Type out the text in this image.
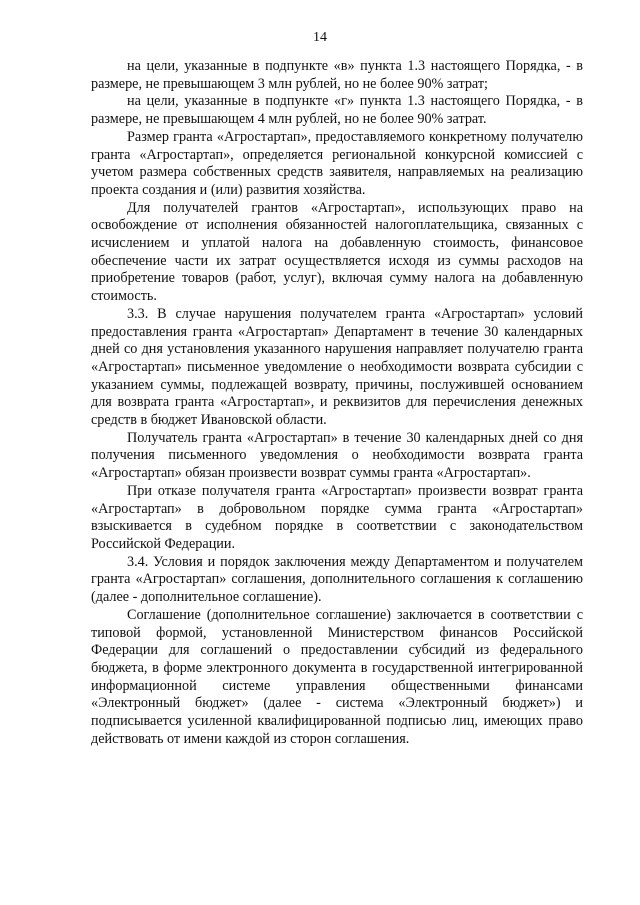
14

на цели, указанные в подпункте «в» пункта 1.3 настоящего Порядка, - в размере, не превышающем 3 млн рублей, но не более 90% затрат;

на цели, указанные в подпункте «г» пункта 1.3 настоящего Порядка, - в размере, не превышающем 4 млн рублей, но не более 90% затрат.

Размер гранта «Агростартап», предоставляемого конкретному получателю гранта «Агростартап», определяется региональной конкурсной комиссией с учетом размера собственных средств заявителя, направляемых на реализацию проекта создания и (или) развития хозяйства.

Для получателей грантов «Агростартап», использующих право на освобождение от исполнения обязанностей налогоплательщика, связанных с исчислением и уплатой налога на добавленную стоимость, финансовое обеспечение части их затрат осуществляется исходя из суммы расходов на приобретение товаров (работ, услуг), включая сумму налога на добавленную стоимость.

3.3. В случае нарушения получателем гранта «Агростартап» условий предоставления гранта «Агростартап» Департамент в течение 30 календарных дней со дня установления указанного нарушения направляет получателю гранта «Агростартап» письменное уведомление о необходимости возврата субсидии с указанием суммы, подлежащей возврату, причины, послужившей основанием для возврата гранта «Агростартап», и реквизитов для перечисления денежных средств в бюджет Ивановской области.

Получатель гранта «Агростартап» в течение 30 календарных дней со дня получения письменного уведомления о необходимости возврата гранта «Агростартап» обязан произвести возврат суммы гранта «Агростартап».

При отказе получателя гранта «Агростартап» произвести возврат гранта «Агростартап» в добровольном порядке сумма гранта «Агростартап» взыскивается в судебном порядке в соответствии с законодательством Российской Федерации.

3.4. Условия и порядок заключения между Департаментом и получателем гранта «Агростартап» соглашения, дополнительного соглашения к соглашению (далее - дополнительное соглашение).

Соглашение (дополнительное соглашение) заключается в соответствии с типовой формой, установленной Министерством финансов Российской Федерации для соглашений о предоставлении субсидий из федерального бюджета, в форме электронного документа в государственной интегрированной информационной системе управления общественными финансами «Электронный бюджет» (далее - система «Электронный бюджет») и подписывается усиленной квалифицированной подписью лиц, имеющих право действовать от имени каждой из сторон соглашения.
